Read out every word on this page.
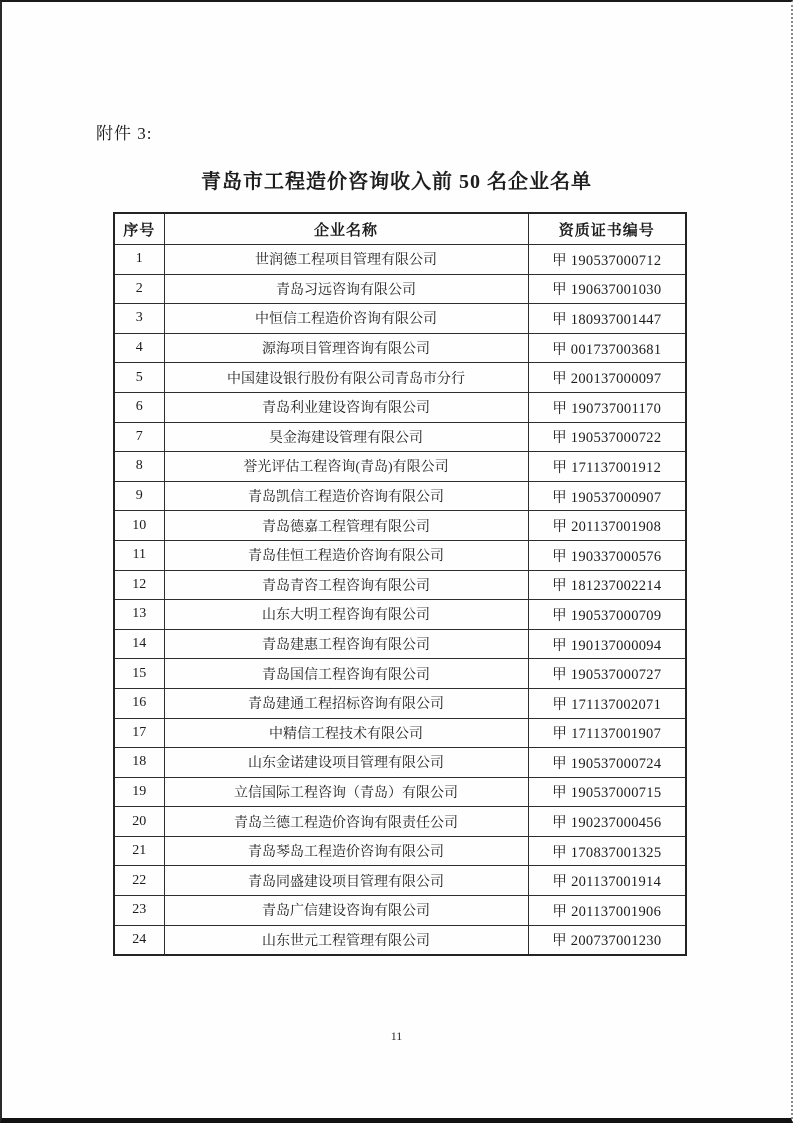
附件 3:
青岛市工程造价咨询收入前 50 名企业名单
序号	企业名称	资质证书编号
1	世润德工程项目管理有限公司	甲 190537000712
2	青岛习远咨询有限公司	甲 190637001030
3	中恒信工程造价咨询有限公司	甲 180937001447
4	源海项目管理咨询有限公司	甲 001737003681
5	中国建设银行股份有限公司青岛市分行	甲 200137000097
6	青岛利业建设咨询有限公司	甲 190737001170
7	昊金海建设管理有限公司	甲 190537000722
8	誉光评估工程咨询(青岛)有限公司	甲 171137001912
9	青岛凯信工程造价咨询有限公司	甲 190537000907
10	青岛德嘉工程管理有限公司	甲 201137001908
11	青岛佳恒工程造价咨询有限公司	甲 190337000576
12	青岛青咨工程咨询有限公司	甲 181237002214
13	山东大明工程咨询有限公司	甲 190537000709
14	青岛建惠工程咨询有限公司	甲 190137000094
15	青岛国信工程咨询有限公司	甲 190537000727
16	青岛建通工程招标咨询有限公司	甲 171137002071
17	中精信工程技术有限公司	甲 171137001907
18	山东金诺建设项目管理有限公司	甲 190537000724
19	立信国际工程咨询（青岛）有限公司	甲 190537000715
20	青岛兰德工程造价咨询有限责任公司	甲 190237000456
21	青岛琴岛工程造价咨询有限公司	甲 170837001325
22	青岛同盛建设项目管理有限公司	甲 201137001914
23	青岛广信建设咨询有限公司	甲 201137001906
24	山东世元工程管理有限公司	甲 200737001230
11
